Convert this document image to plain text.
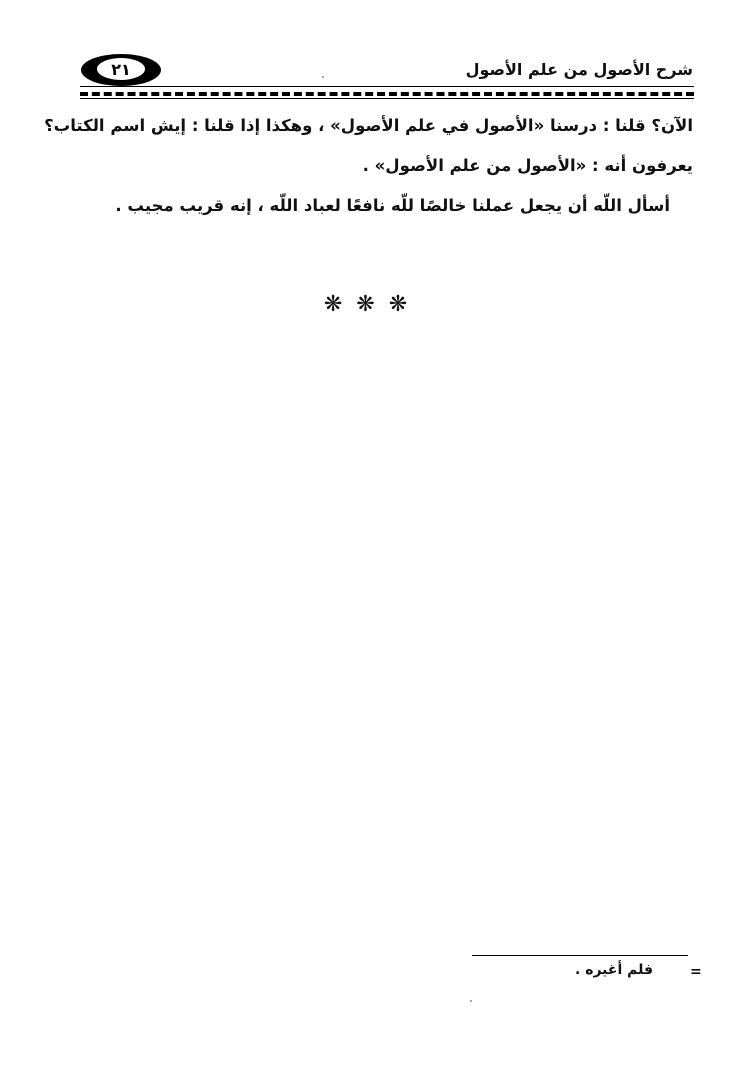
شرح الأصول من علم الأصول
٢١
الآن؟ قلنا : درسنا «الأصول في علم الأصول» ، وهكذا إذا قلنا : إيش اسم الكتاب؟
يعرفون أنه : «الأصول من علم الأصول» .
أسأل اللّه أن يجعل عملنا خالصًا للّه نافعًا لعباد اللّه ، إنه قريب مجيب .
❋❋❋
=
فلم أغيره .
